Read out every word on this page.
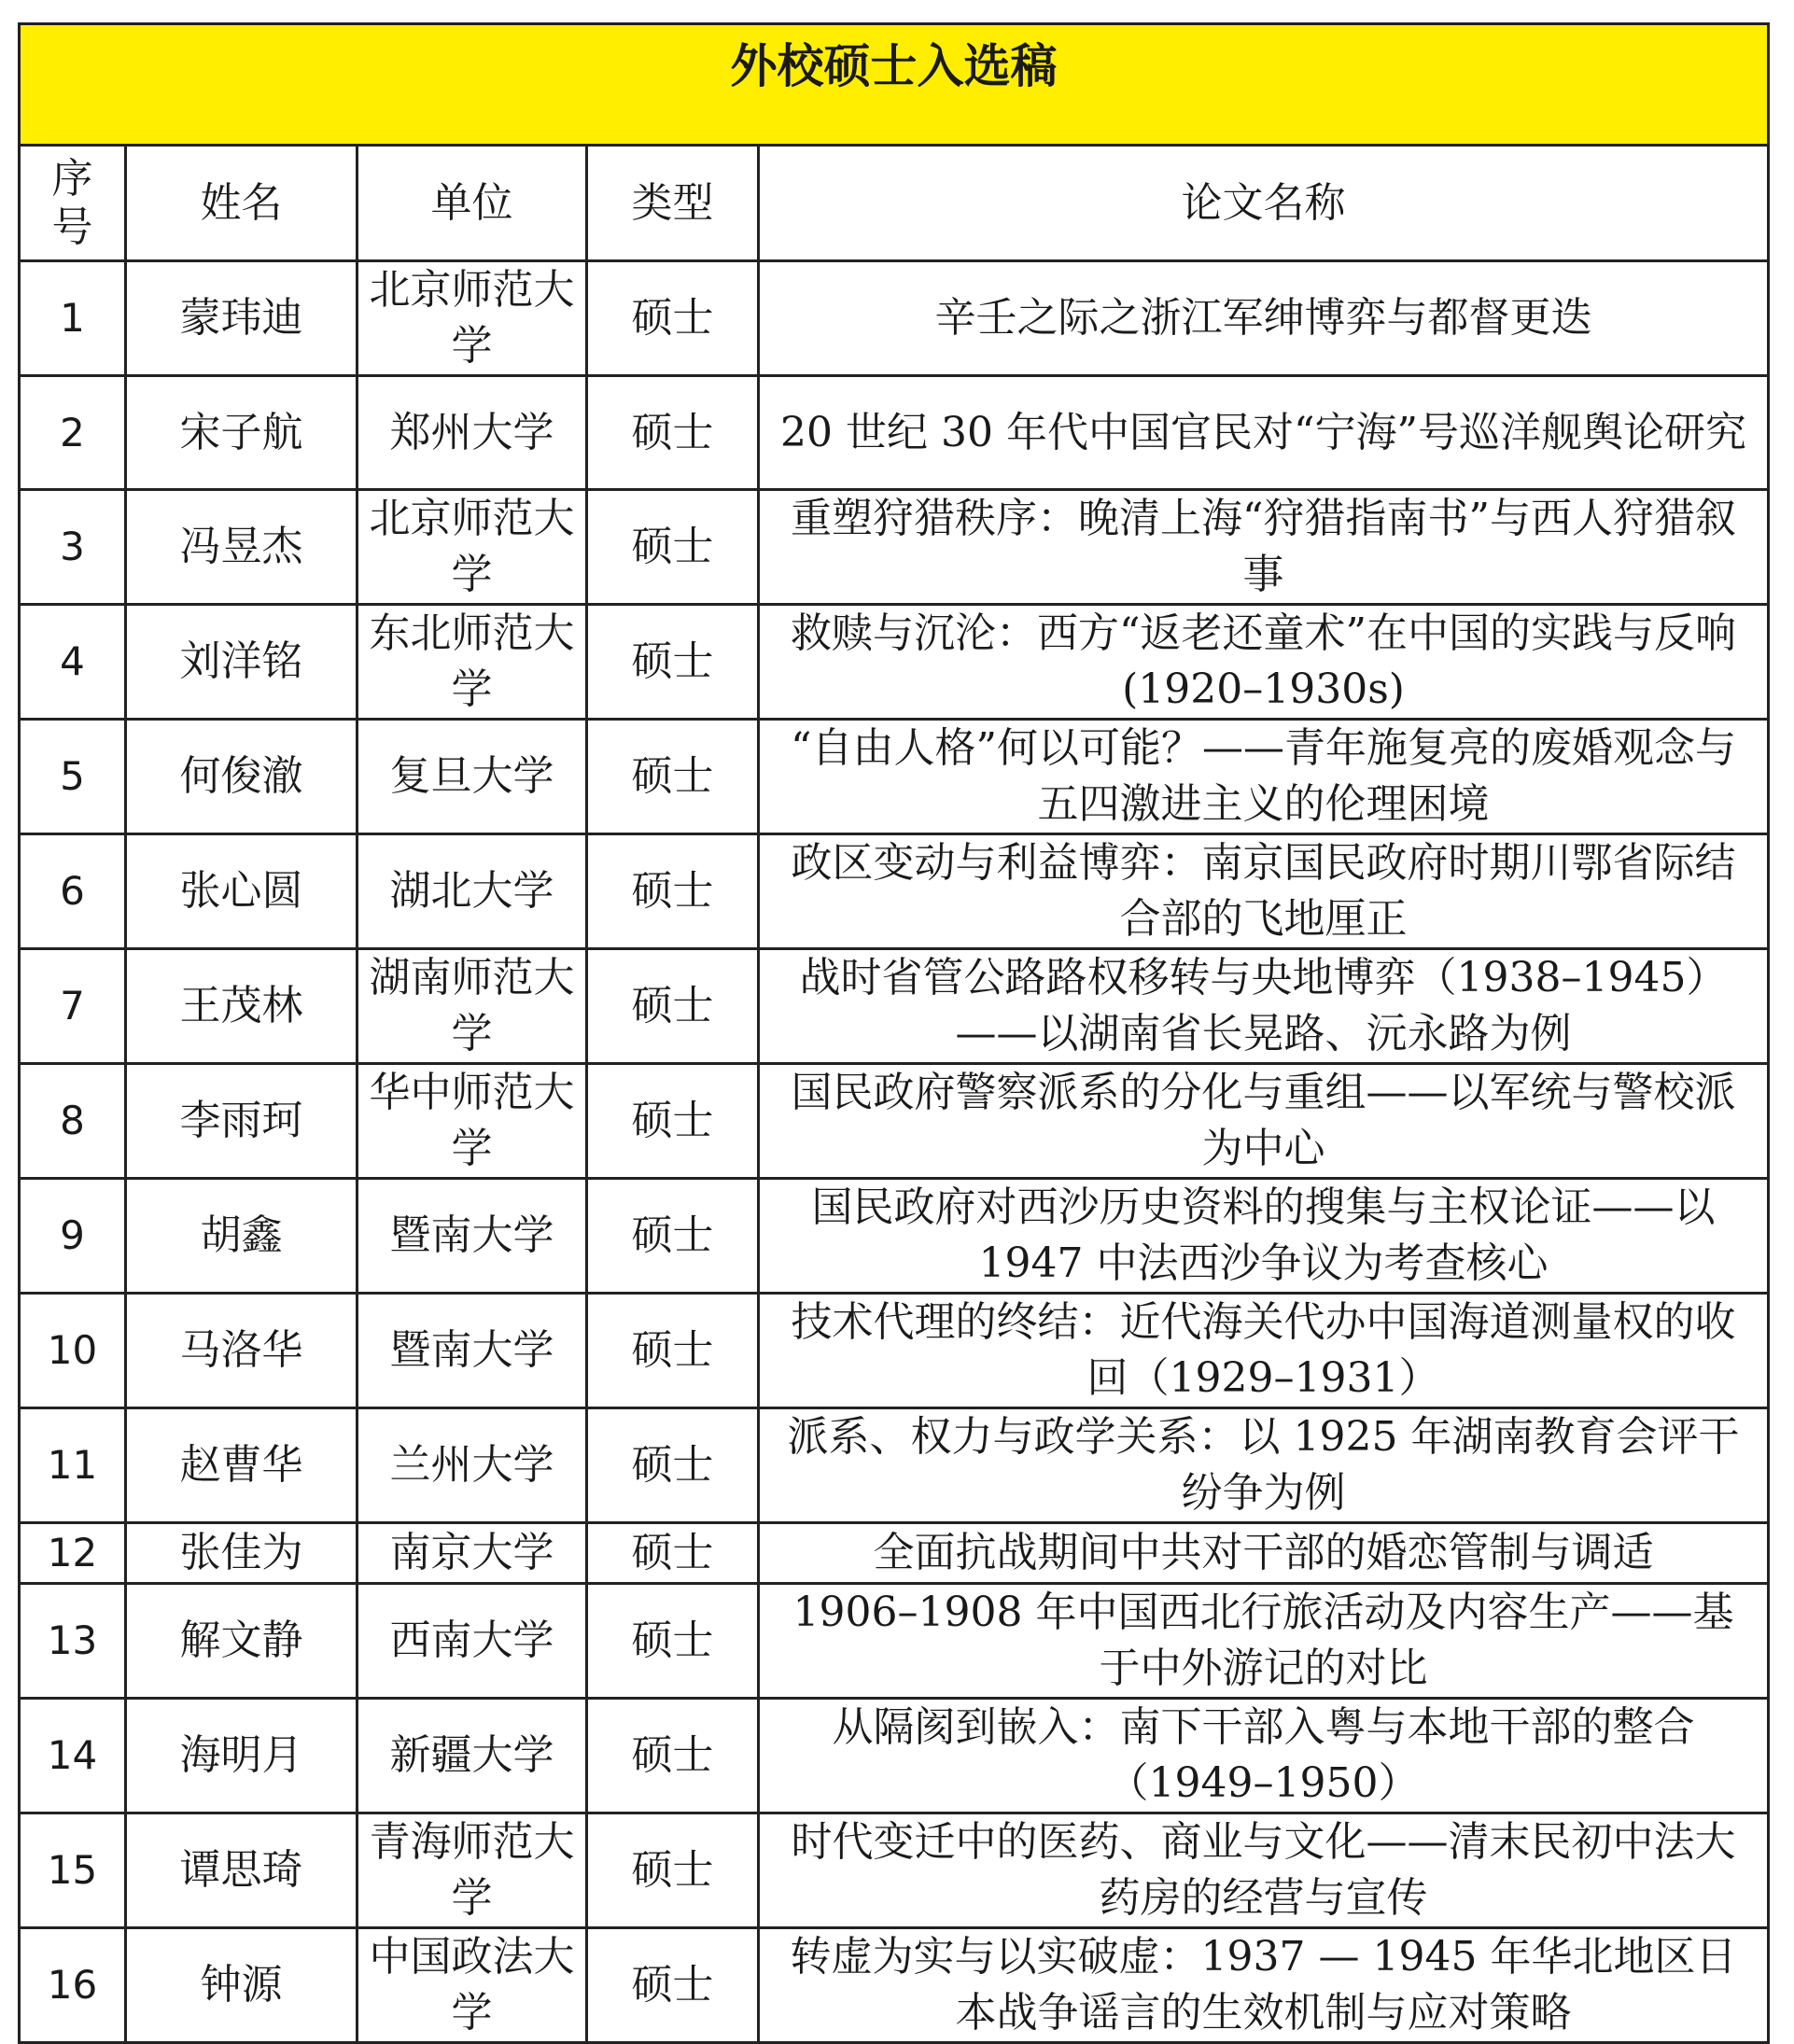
外校硕士入选稿				
序号	姓名	单位	类型	论文名称
1	蒙玮迪	北京师范大学	硕士	辛壬之际之浙江军绅博弈与都督更迭
2	宋子航	郑州大学	硕士	20 世纪 30 年代中国官民对“宁海”号巡洋舰舆论研究
3	冯昱杰	北京师范大学	硕士	重塑狩猎秩序：晚清上海“狩猎指南书”与西人狩猎叙事
4	刘洋铭	东北师范大学	硕士	救赎与沉沦：西方“返老还童术”在中国的实践与反响(1920–1930s)
5	何俊澈	复旦大学	硕士	“自由人格”何以可能？——青年施复亮的废婚观念与五四激进主义的伦理困境
6	张心圆	湖北大学	硕士	政区变动与利益博弈：南京国民政府时期川鄂省际结合部的飞地厘正
7	王茂林	湖南师范大学	硕士	战时省管公路路权移转与央地博弈（1938–1945）——以湖南省长晃路、沅永路为例
8	李雨珂	华中师范大学	硕士	国民政府警察派系的分化与重组——以军统与警校派为中心
9	胡鑫	暨南大学	硕士	国民政府对西沙历史资料的搜集与主权论证——以 1947 中法西沙争议为考查核心
10	马洛华	暨南大学	硕士	技术代理的终结：近代海关代办中国海道测量权的收回（1929–1931）
11	赵曹华	兰州大学	硕士	派系、权力与政学关系：以 1925 年湖南教育会评干纷争为例
12	张佳为	南京大学	硕士	全面抗战期间中共对干部的婚恋管制与调适
13	解文静	西南大学	硕士	1906–1908 年中国西北行旅活动及内容生产——基于中外游记的对比
14	海明月	新疆大学	硕士	从隔阂到嵌入：南下干部入粤与本地干部的整合（1949–1950）
15	谭思琦	青海师范大学	硕士	时代变迁中的医药、商业与文化——清末民初中法大药房的经营与宣传
16	钟源	中国政法大学	硕士	转虚为实与以实破虚：1937 — 1945 年华北地区日本战争谣言的生效机制与应对策略
